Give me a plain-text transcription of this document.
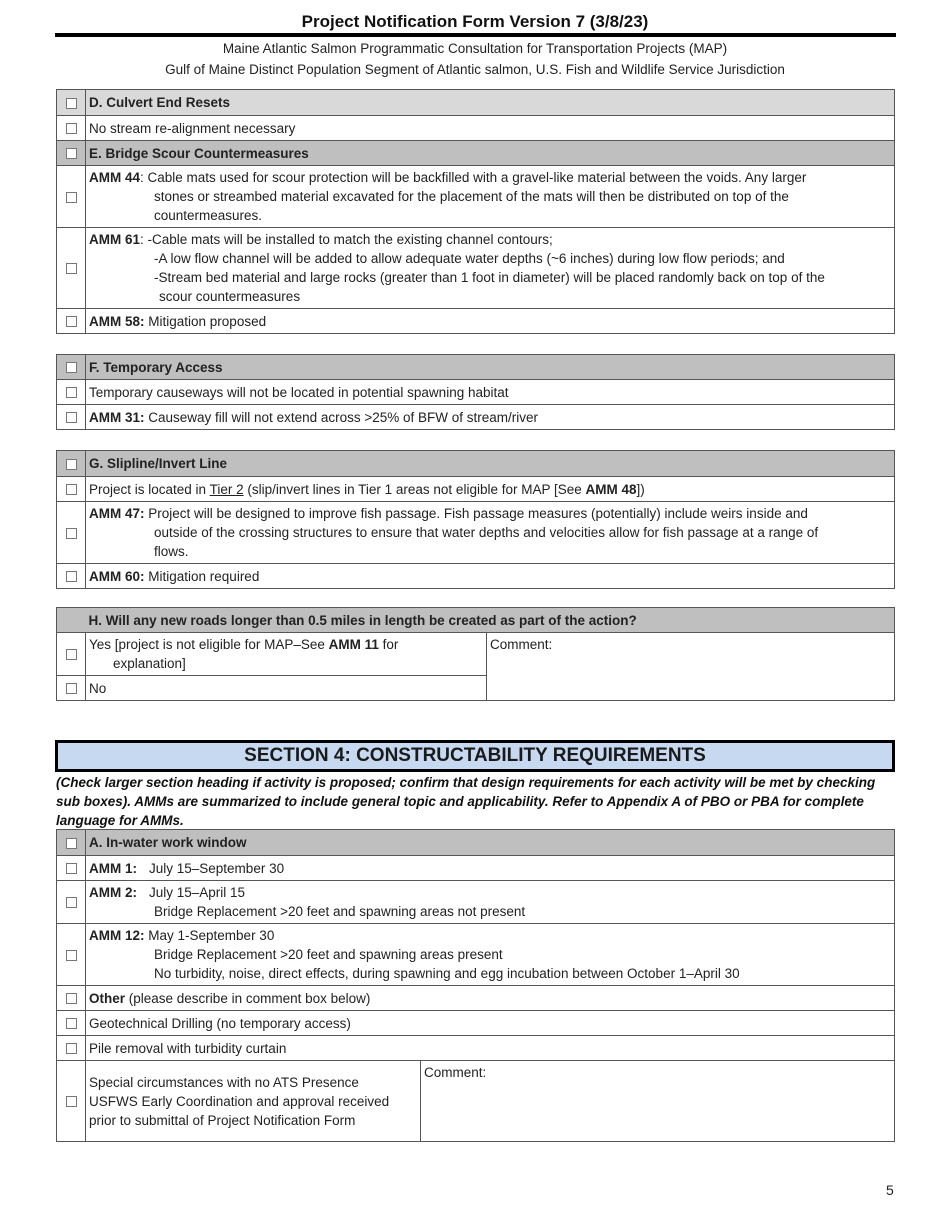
Project Notification Form Version 7 (3/8/23)
Maine Atlantic Salmon Programmatic Consultation for Transportation Projects (MAP)
Gulf of Maine Distinct Population Segment of Atlantic salmon, U.S. Fish and Wildlife Service Jurisdiction
	D. Culvert End Resets
	No stream re-alignment necessary
	E. Bridge Scour Countermeasures

	AMM 44: Cable mats used for scour protection will be backfilled with a gravel-like material between the voids. Any larger
stones or streambed material excavated for the placement of the mats will then be distributed on top of the
countermeasures.

	AMM 61: -Cable mats will be installed to match the existing channel contours;
-A low flow channel will be added to allow adequate water depths (~6 inches) during low flow periods; and
-Stream bed material and large rocks (greater than 1 foot in diameter) will be placed randomly back on top of the
scour countermeasures

	AMM 58: Mitigation proposed
	F. Temporary Access
	Temporary causeways will not be located in potential spawning habitat
	AMM 31: Causeway fill will not extend across >25% of BFW of stream/river
	G. Slipline/Invert Line
	Project is located in Tier 2 (slip/invert lines in Tier 1 areas not eligible for MAP [See AMM 48])

	AMM 47: Project will be designed to improve fish passage. Fish passage measures (potentially) include weirs inside and
outside of the crossing structures to ensure that water depths and velocities allow for fish passage at a range of
flows.

	AMM 60: Mitigation required
	H. Will any new roads longer than 0.5 miles in length be created as part of the action?	

	Yes [project is not eligible for MAP–See AMM 11 for
explanation]	Comment:
	No	
SECTION 4: CONSTRUCTABILITY REQUIREMENTS
(Check larger section heading if activity is proposed; confirm that design requirements for each activity will be met by checking sub boxes). AMMs are summarized to include general topic and applicability. Refer to Appendix A of PBO or PBA for complete language for AMMs.
	A. In-water work window	
	AMM 1: July 15–September 30	

	AMM 2: July 15–April 15
Bridge Replacement >20 feet and spawning areas not present	

	AMM 12: May 1-September 30
Bridge Replacement >20 feet and spawning areas present
No turbidity, noise, direct effects, during spawning and egg incubation between October 1–April 30	

	Other (please describe in comment box below)	
	Geotechnical Drilling (no temporary access)	
	Pile removal with turbidity curtain	

	Special circumstances with no ATS Presence
USFWS Early Coordination and approval received
prior to submittal of Project Notification Form	Comment:
5
